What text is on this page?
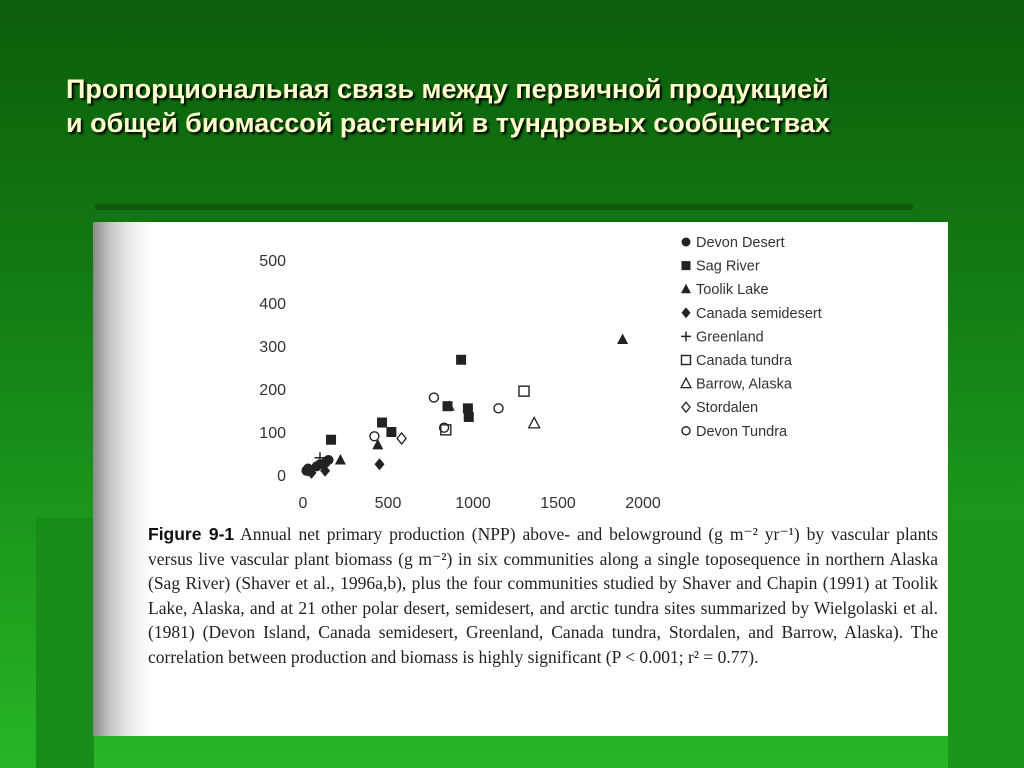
Пропорциональная связь между первичной продукцией
и общей биомассой растений в тундровых сообществах
0
100
200
300
400
500
0	500	1000	1500	2000
Devon Desert
Sag River
Toolik Lake
Canada semidesert
Greenland
Canada tundra
Barrow, Alaska
Stordalen
Devon Tundra
Figure 9-1 Annual net primary production (NPP) above- and belowground (g m⁻² yr⁻¹) by vascular plants versus live vascular plant biomass (g m⁻²) in six communities along a single toposequence in northern Alaska (Sag River) (Shaver et al., 1996a,b), plus the four communities studied by Shaver and Chapin (1991) at Toolik Lake, Alaska, and at 21 other polar desert, semidesert, and arctic tundra sites summarized by Wielgolaski et al. (1981) (Devon Island, Canada semidesert, Greenland, Canada tundra, Stordalen, and Barrow, Alaska). The correlation between production and biomass is highly significant (P < 0.001; r² = 0.77).
